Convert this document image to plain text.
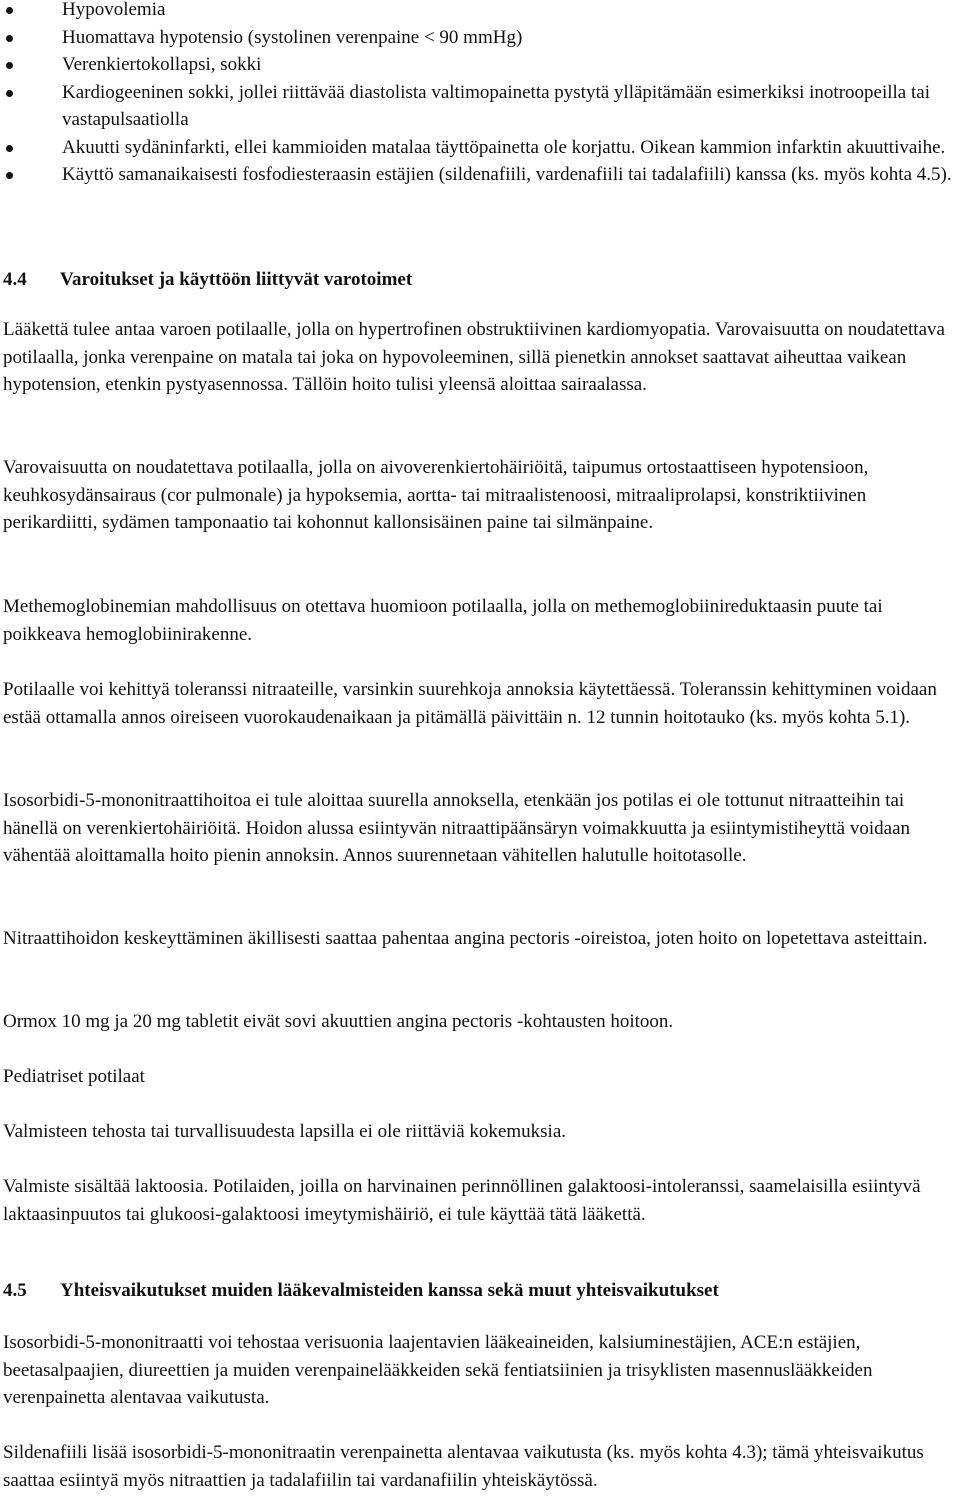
Hypovolemia
Huomattava hypotensio (systolinen verenpaine < 90 mmHg)
Verenkiertokollapsi, sokki
Kardiogeeninen sokki, jollei riittävää diastolista valtimopainetta pystytä ylläpitämään esimerkiksi inotroopeilla tai vastapulsaatiolla
Akuutti sydäninfarkti, ellei kammioiden matalaa täyttöpainetta ole korjattu. Oikean kammion infarktin akuuttivaihe.
Käyttö samanaikaisesti fosfodiesteraasin estäjien (sildenafiili, vardenafiili tai tadalafiili) kanssa (ks. myös kohta 4.5).
4.4 Varoitukset ja käyttöön liittyvät varotoimet

Lääkettä tulee antaa varoen potilaalle, jolla on hypertrofinen obstruktiivinen kardiomyopatia. Varovaisuutta on noudatettava potilaalla, jonka verenpaine on matala tai joka on hypovoleeminen, sillä pienetkin annokset saattavat aiheuttaa vaikean hypotension, etenkin pystyasennossa. Tällöin hoito tulisi yleensä aloittaa sairaalassa.

Varovaisuutta on noudatettava potilaalla, jolla on aivoverenkiertohäiriöitä, taipumus ortostaattiseen hypotensioon, keuhkosydänsairaus (cor pulmonale) ja hypoksemia, aortta- tai mitraalistenoosi, mitraaliprolapsi, konstriktiivinen perikardiitti, sydämen tamponaatio tai kohonnut kallonsisäinen paine tai silmänpaine.

Methemoglobinemian mahdollisuus on otettava huomioon potilaalla, jolla on methemoglobiinireduktaasin puute tai poikkeava hemoglobiinirakenne.

Potilaalle voi kehittyä toleranssi nitraateille, varsinkin suurehkoja annoksia käytettäessä. Toleranssin kehittyminen voidaan estää ottamalla annos oireiseen vuorokaudenaikaan ja pitämällä päivittäin n. 12 tunnin hoitotauko (ks. myös kohta 5.1).

Isosorbidi-5-mononitraattihoitoa ei tule aloittaa suurella annoksella, etenkään jos potilas ei ole tottunut nitraatteihin tai hänellä on verenkiertohäiriöitä. Hoidon alussa esiintyvän nitraattipäänsäryn voimakkuutta ja esiintymistiheyttä voidaan vähentää aloittamalla hoito pienin annoksin. Annos suurennetaan vähitellen halutulle hoitotasolle.

Nitraattihoidon keskeyttäminen äkillisesti saattaa pahentaa angina pectoris -oireistoa, joten hoito on lopetettava asteittain.

Ormox 10 mg ja 20 mg tabletit eivät sovi akuuttien angina pectoris -kohtausten hoitoon.

Pediatriset potilaat

Valmisteen tehosta tai turvallisuudesta lapsilla ei ole riittäviä kokemuksia.

Valmiste sisältää laktoosia. Potilaiden, joilla on harvinainen perinnöllinen galaktoosi-intoleranssi, saamelaisilla esiintyvä laktaasinpuutos tai glukoosi-galaktoosi imeytymishäiriö, ei tule käyttää tätä lääkettä.

4.5 Yhteisvaikutukset muiden lääkevalmisteiden kanssa sekä muut yhteisvaikutukset

Isosorbidi-5-mononitraatti voi tehostaa verisuonia laajentavien lääkeaineiden, kalsiuminestäjien, ACE:n estäjien, beetasalpaajien, diureettien ja muiden verenpainelääkkeiden sekä fentiatsiinien ja trisyklisten masennuslääkkeiden verenpainetta alentavaa vaikutusta.

Sildenafiili lisää isosorbidi-5-mononitraatin verenpainetta alentavaa vaikutusta (ks. myös kohta 4.3); tämä yhteisvaikutus saattaa esiintyä myös nitraattien ja tadalafiilin tai vardanafiilin yhteiskäytössä.
